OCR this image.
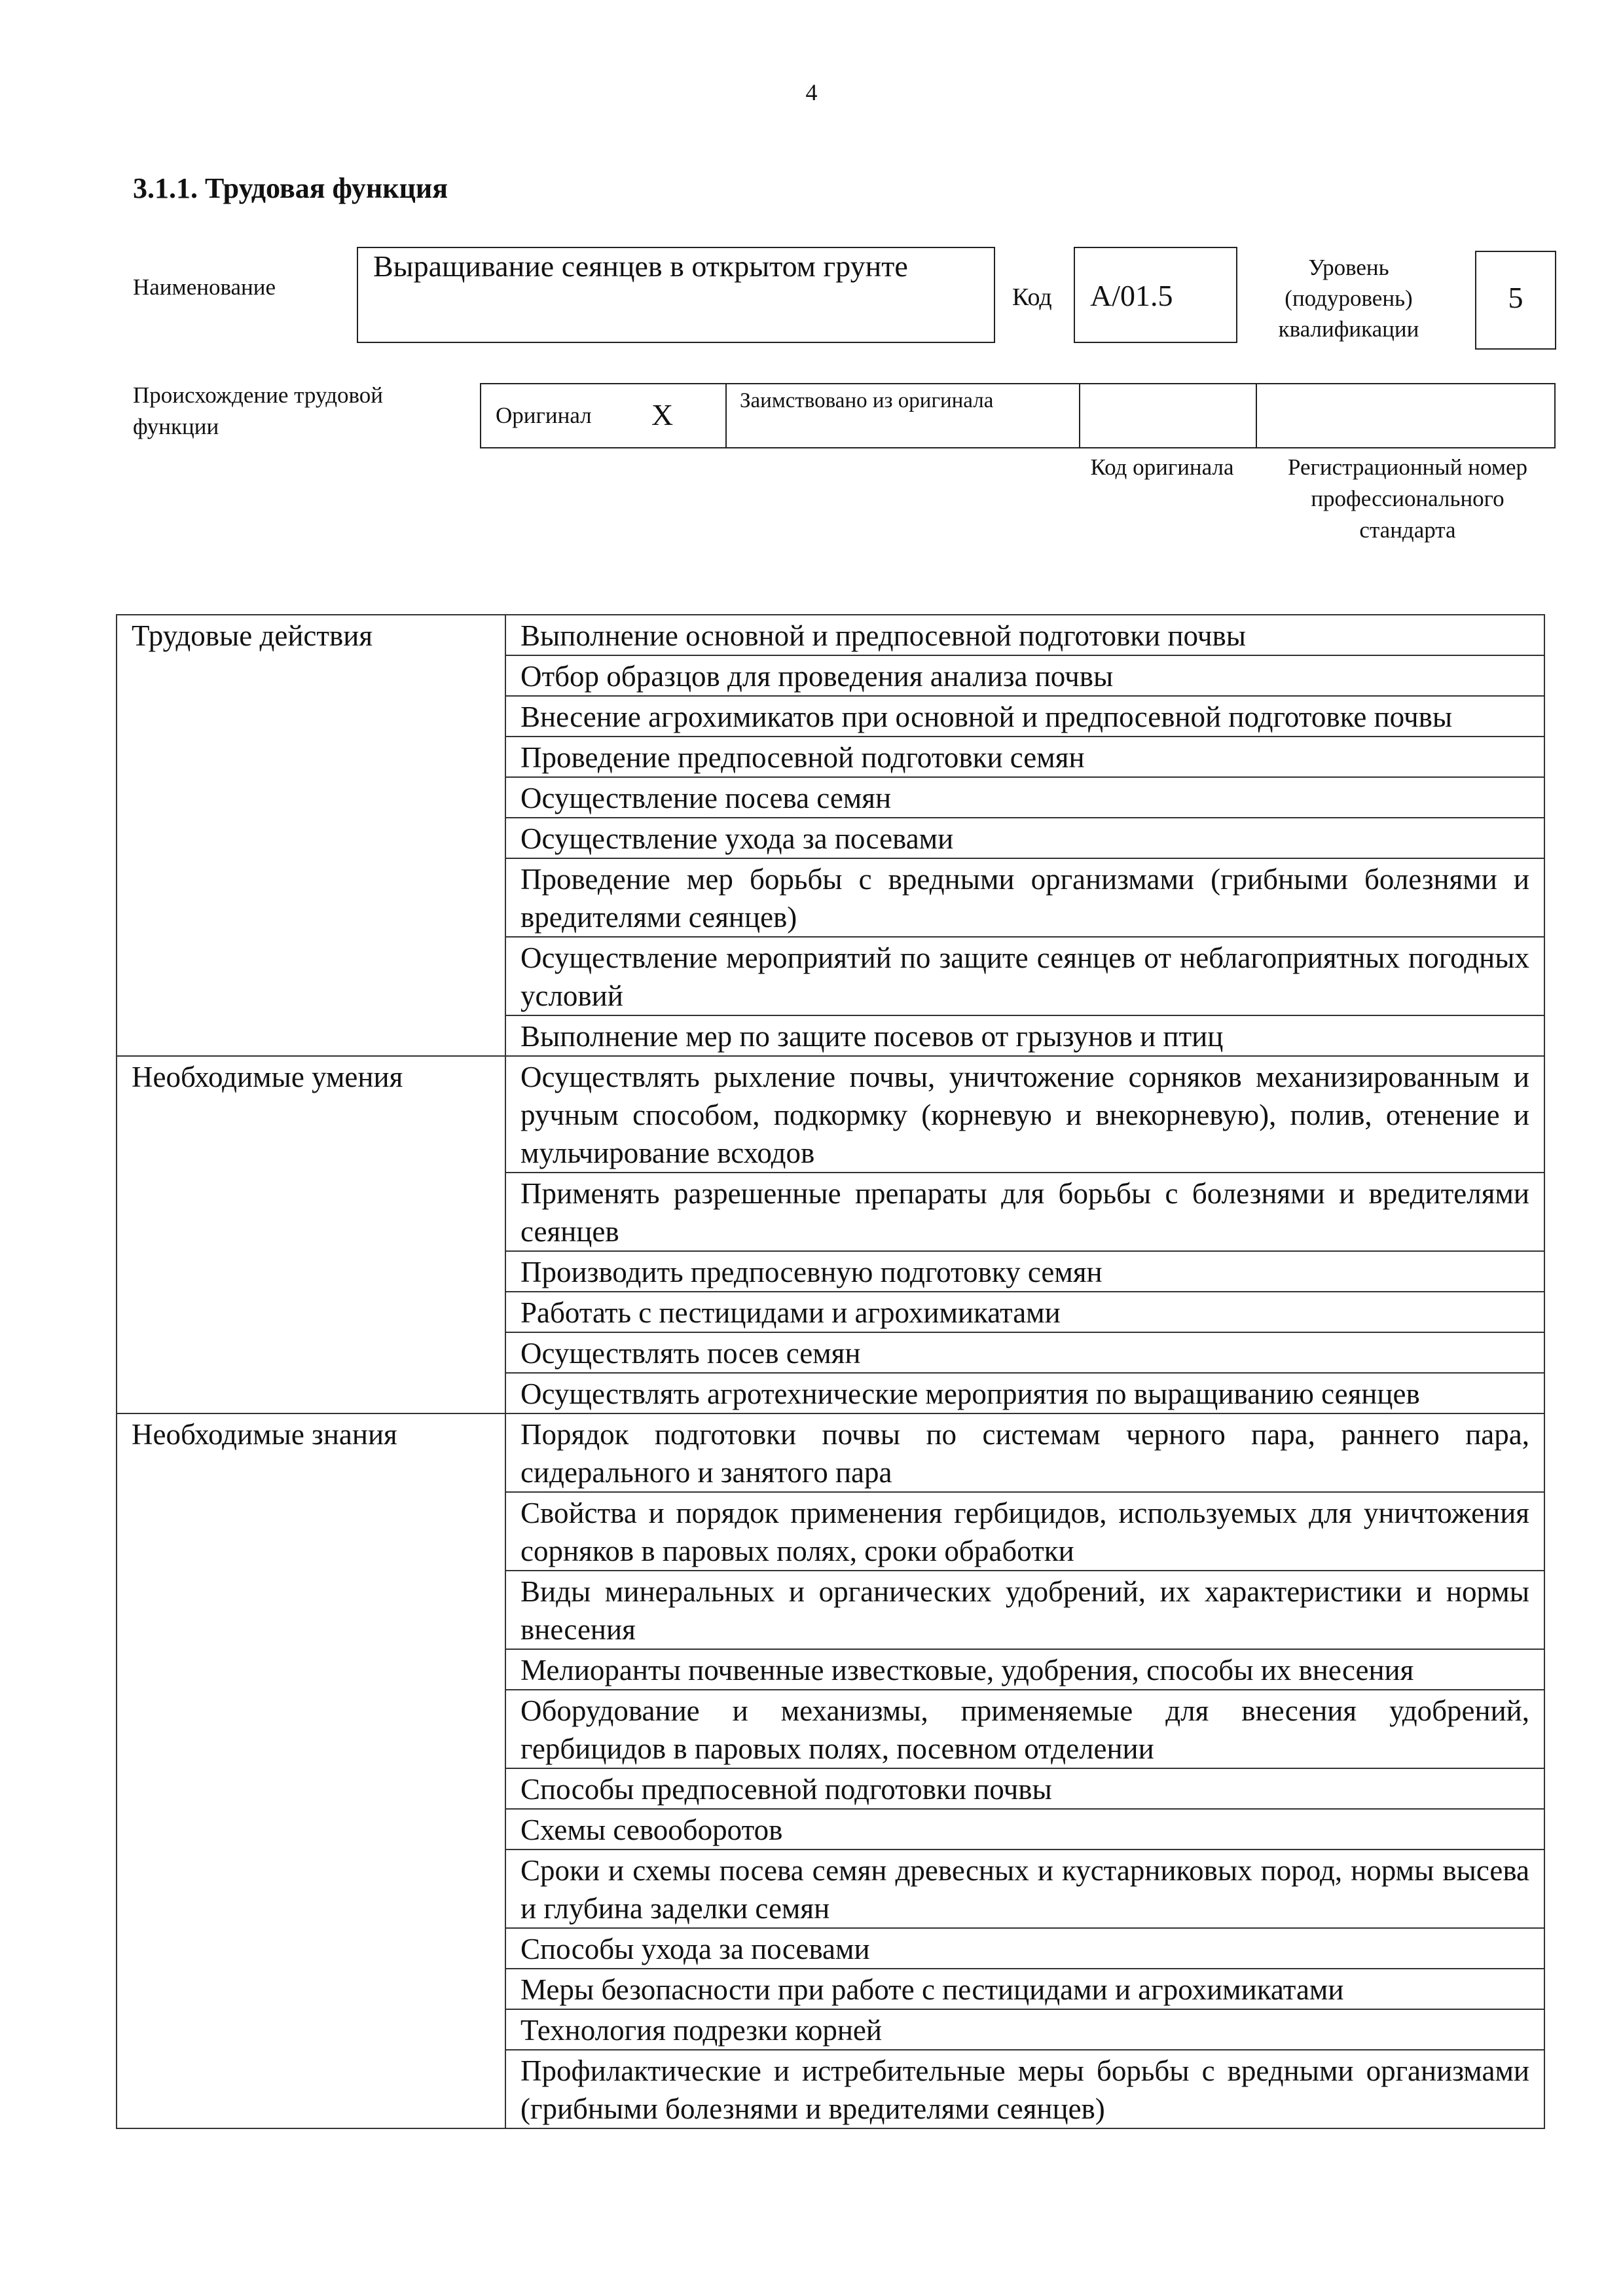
4
3.1.1. Трудовая функция
Наименование
Выращивание сеянцев в открытом грунте
Код А/01.5
Уровень (подуровень) квалификации
5
Происхождение трудовой функции	Оригинал Х	Заимствовано из оригинала
Код оригинала	Регистрационный номер профессионального стандарта
Трудовые действия	Выполнение основной и предпосевной подготовки почвы
	Отбор образцов для проведения анализа почвы
	Внесение агрохимикатов при основной и предпосевной подготовке почвы
	Проведение предпосевной подготовки семян
	Осуществление посева семян
	Осуществление ухода за посевами
	Проведение мер борьбы с вредными организмами (грибными болезнями и вредителями сеянцев)
	Осуществление мероприятий по защите сеянцев от неблагоприятных погодных условий
	Выполнение мер по защите посевов от грызунов и птиц
Необходимые умения	Осуществлять рыхление почвы, уничтожение сорняков механизированным и ручным способом, подкормку (корневую и внекорневую), полив, отенение и мульчирование всходов
	Применять разрешенные препараты для борьбы с болезнями и вредителями сеянцев
	Производить предпосевную подготовку семян
	Работать с пестицидами и агрохимикатами
	Осуществлять посев семян
	Осуществлять агротехнические мероприятия по выращиванию сеянцев
Необходимые знания	Порядок подготовки почвы по системам черного пара, раннего пара, сидерального и занятого пара
	Свойства и порядок применения гербицидов, используемых для уничтожения сорняков в паровых полях, сроки обработки
	Виды минеральных и органических удобрений, их характеристики и нормы внесения
	Мелиоранты почвенные известковые, удобрения, способы их внесения
	Оборудование и механизмы, применяемые для внесения удобрений, гербицидов в паровых полях, посевном отделении
	Способы предпосевной подготовки почвы
	Схемы севооборотов
	Сроки и схемы посева семян древесных и кустарниковых пород, нормы высева и глубина заделки семян
	Способы ухода за посевами
	Меры безопасности при работе с пестицидами и агрохимикатами
	Технология подрезки корней
	Профилактические и истребительные меры борьбы с вредными организмами (грибными болезнями и вредителями сеянцев)
